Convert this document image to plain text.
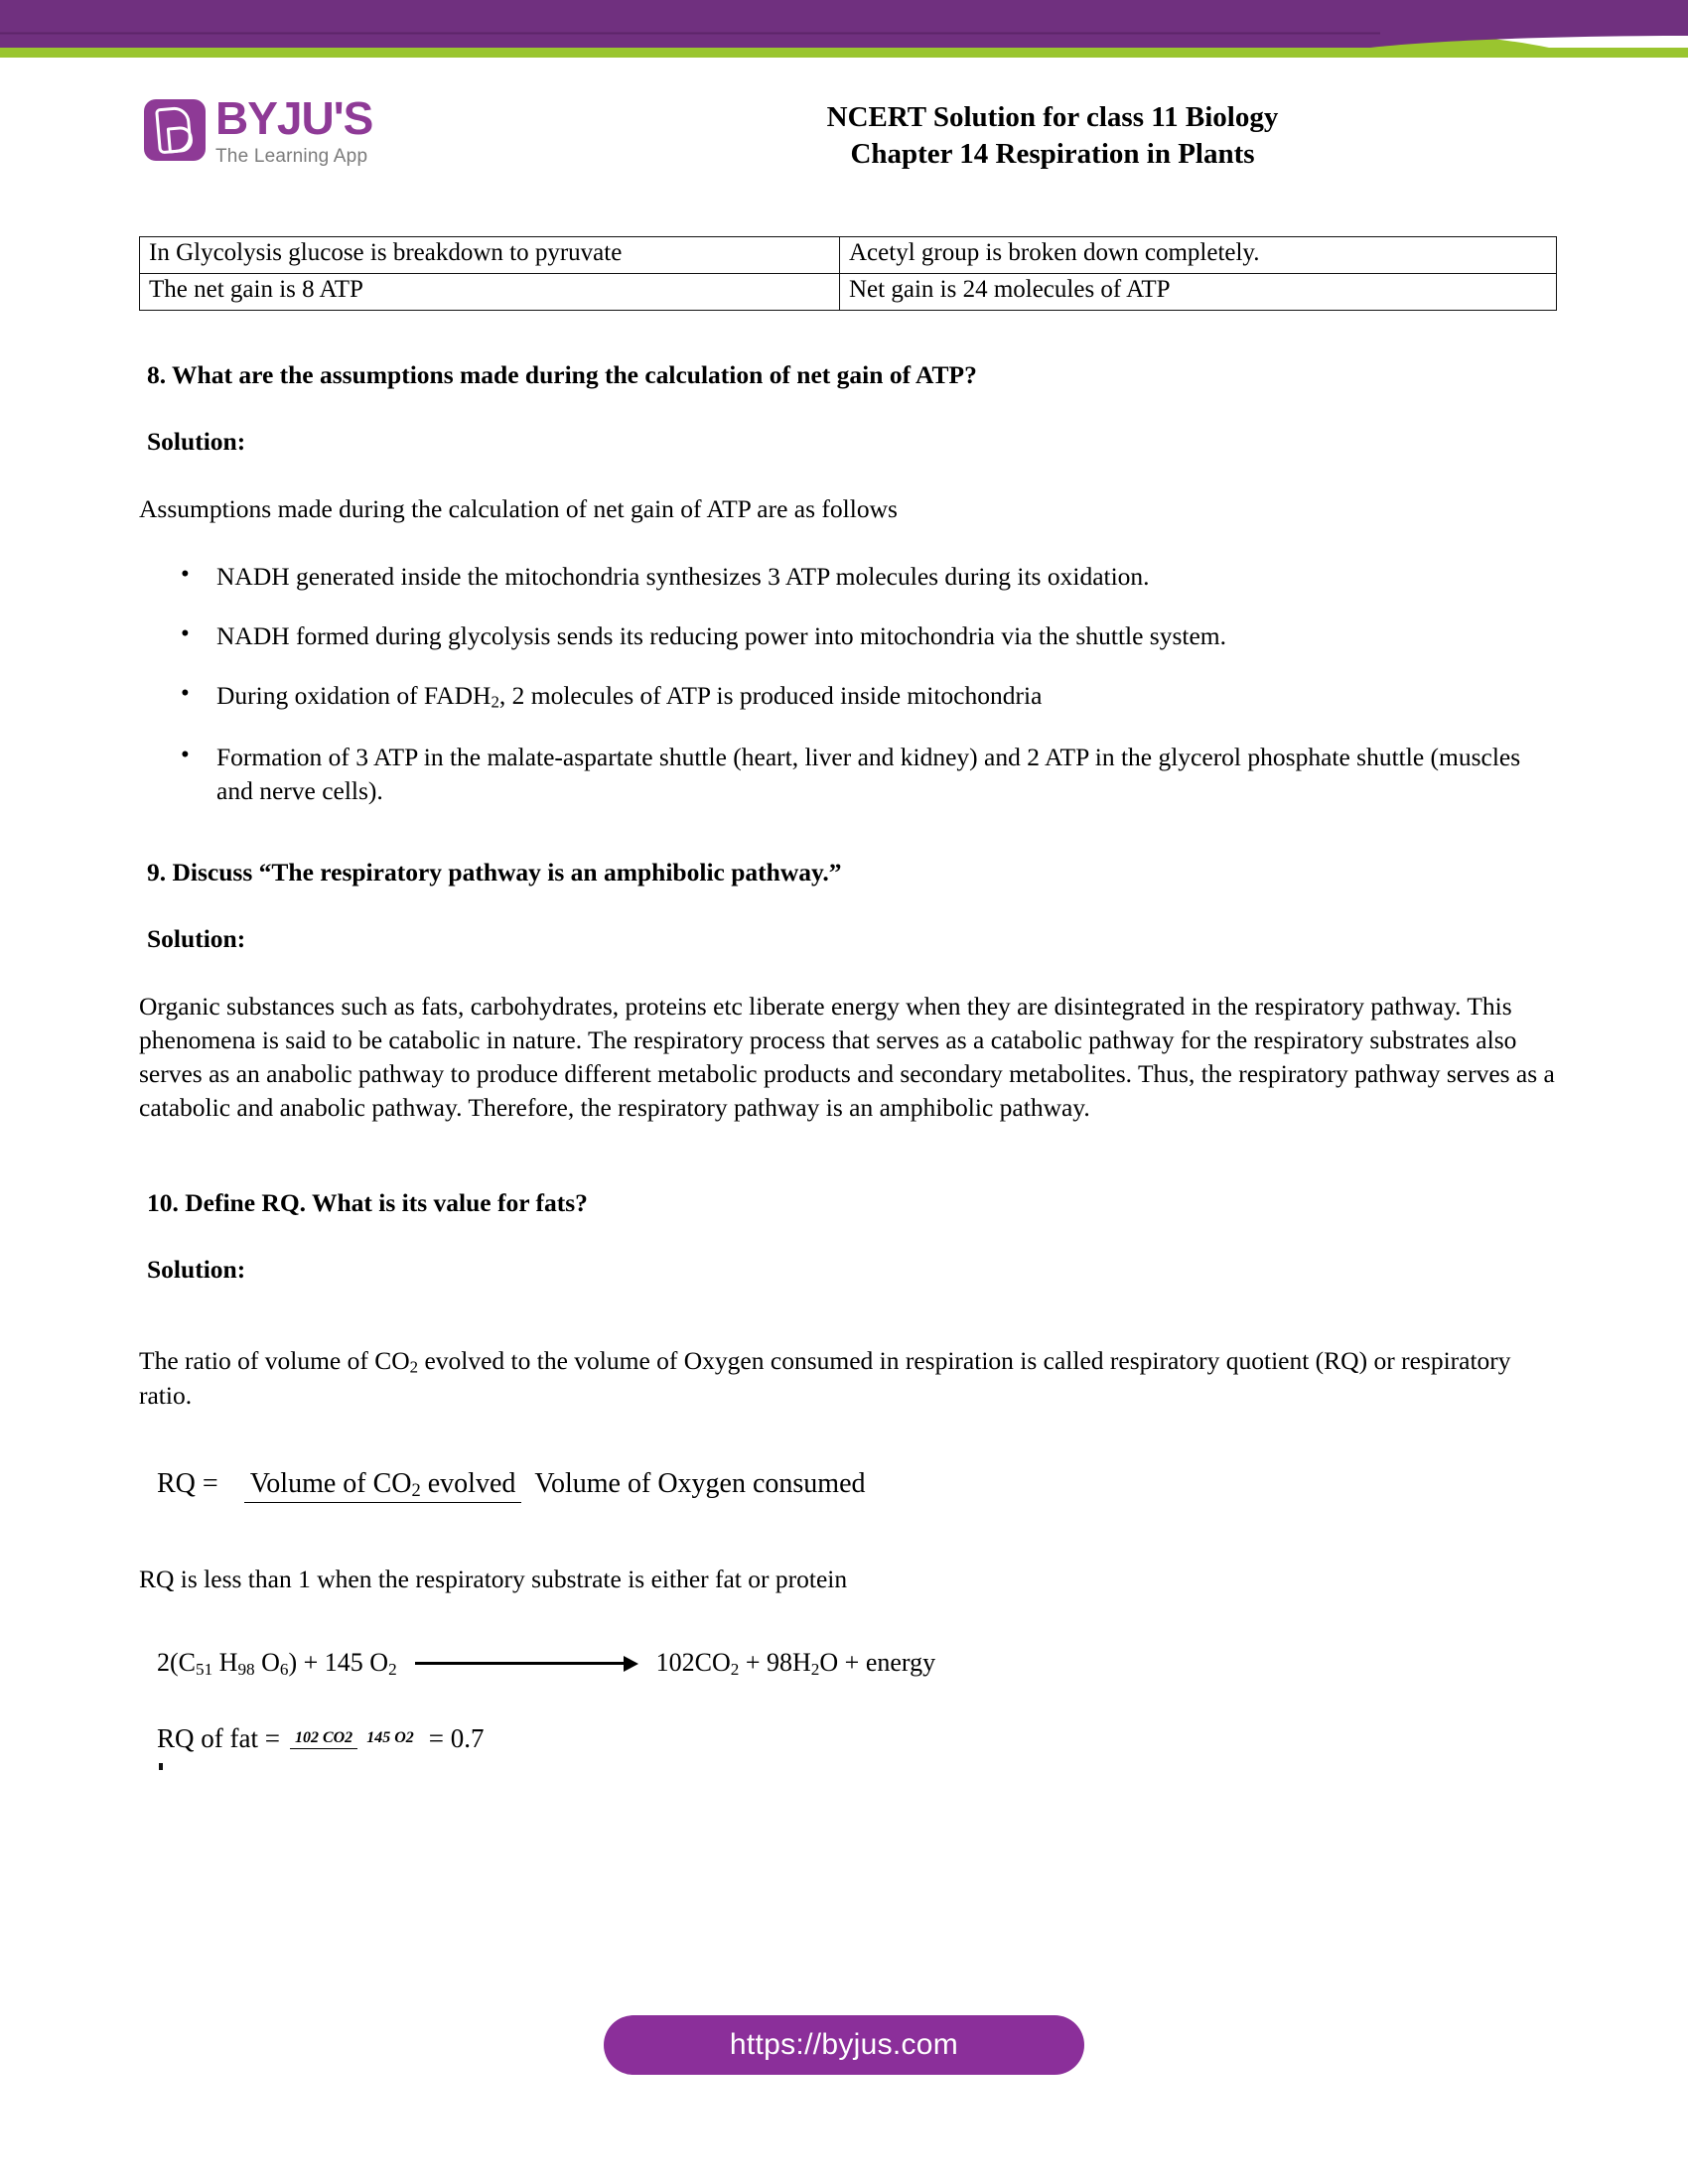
BYJU'S
The Learning App
NCERT Solution for class 11 Biology
Chapter 14 Respiration in Plants
In Glycolysis glucose is breakdown to pyruvate	Acetyl group is broken down completely.
The net gain is 8 ATP	Net gain is 24 molecules of ATP
8. What are the assumptions made during the calculation of net gain of ATP?
Solution:
Assumptions made during the calculation of net gain of ATP are as follows
• NADH generated inside the mitochondria synthesizes 3 ATP molecules during its oxidation.
• NADH formed during glycolysis sends its reducing power into mitochondria via the shuttle system.
• During oxidation of $FADH_2$, 2 molecules of ATP is produced inside mitochondria
• Formation of 3 ATP in the malate-aspartate shuttle (heart, liver and kidney) and 2 ATP in the glycerol phosphate shuttle (muscles and nerve cells).
9. Discuss “The respiratory pathway is an amphibolic pathway.”
Solution:
Organic substances such as fats, carbohydrates, proteins etc liberate energy when they are disintegrated in the respiratory pathway. This phenomena is said to be catabolic in nature. The respiratory process that serves as a catabolic pathway for the respiratory substrates also serves as an anabolic pathway to produce different metabolic products and secondary metabolites. Thus, the respiratory pathway serves as a catabolic and anabolic pathway. Therefore, the respiratory pathway is an amphibolic pathway.
10. Define RQ. What is its value for fats?
Solution:
The ratio of volume of $CO_2$ evolved to the volume of Oxygen consumed in respiration is called respiratory quotient (RQ) or respiratory ratio.
RQ = Volume of $CO_2$ evolved Volume of Oxygen consumed
RQ is less than 1 when the respiratory substrate is either fat or protein
$2(C_{51}$ $H_{98}$ $O_6) + 145$ $O_2$	$102CO_2 + 98H_2O$ + energy
RQ of fat = 102 CO2 145 O2 = 0.7
https://byjus.com
